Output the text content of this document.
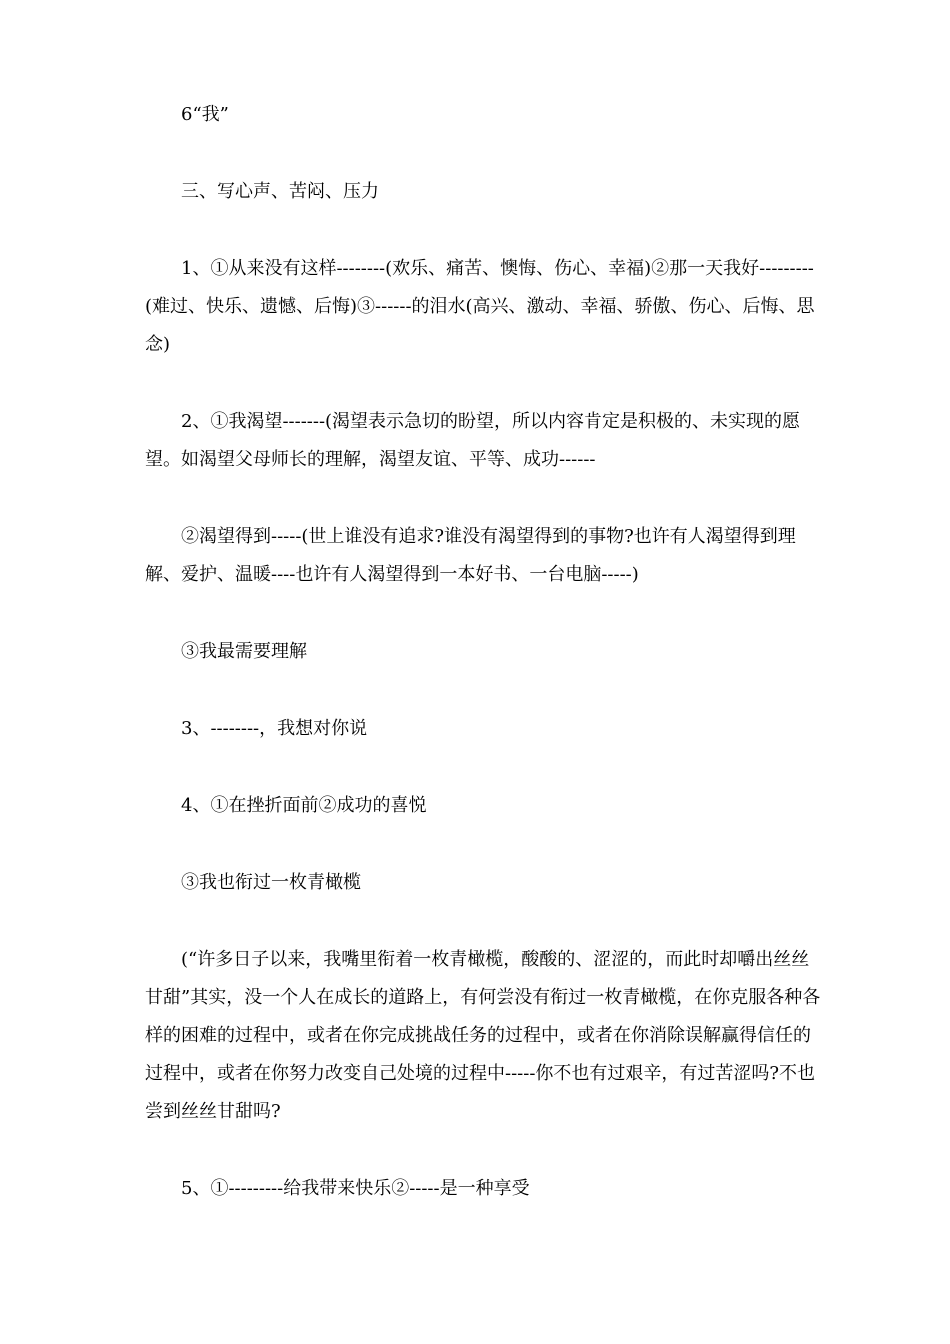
6“我”

三、写心声、苦闷、压力

1、①从来没有这样--------(欢乐、痛苦、懊悔、伤心、幸福)②那一天我好---------(难过、快乐、遗憾、后悔)③------的泪水(高兴、激动、幸福、骄傲、伤心、后悔、思念)

2、①我渴望-------(渴望表示急切的盼望，所以内容肯定是积极的、未实现的愿望。如渴望父母师长的理解，渴望友谊、平等、成功------

②渴望得到-----(世上谁没有追求?谁没有渴望得到的事物?也许有人渴望得到理解、爱护、温暖----也许有人渴望得到一本好书、一台电脑-----)

③我最需要理解

3、--------，我想对你说

4、①在挫折面前②成功的喜悦

③我也衔过一枚青橄榄

(“许多日子以来，我嘴里衔着一枚青橄榄，酸酸的、涩涩的，而此时却嚼出丝丝甘甜”其实，没一个人在成长的道路上，有何尝没有衔过一枚青橄榄，在你克服各种各样的困难的过程中，或者在你完成挑战任务的过程中，或者在你消除误解赢得信任的过程中，或者在你努力改变自己处境的过程中-----你不也有过艰辛，有过苦涩吗?不也尝到丝丝甘甜吗?

5、①---------给我带来快乐②-----是一种享受
